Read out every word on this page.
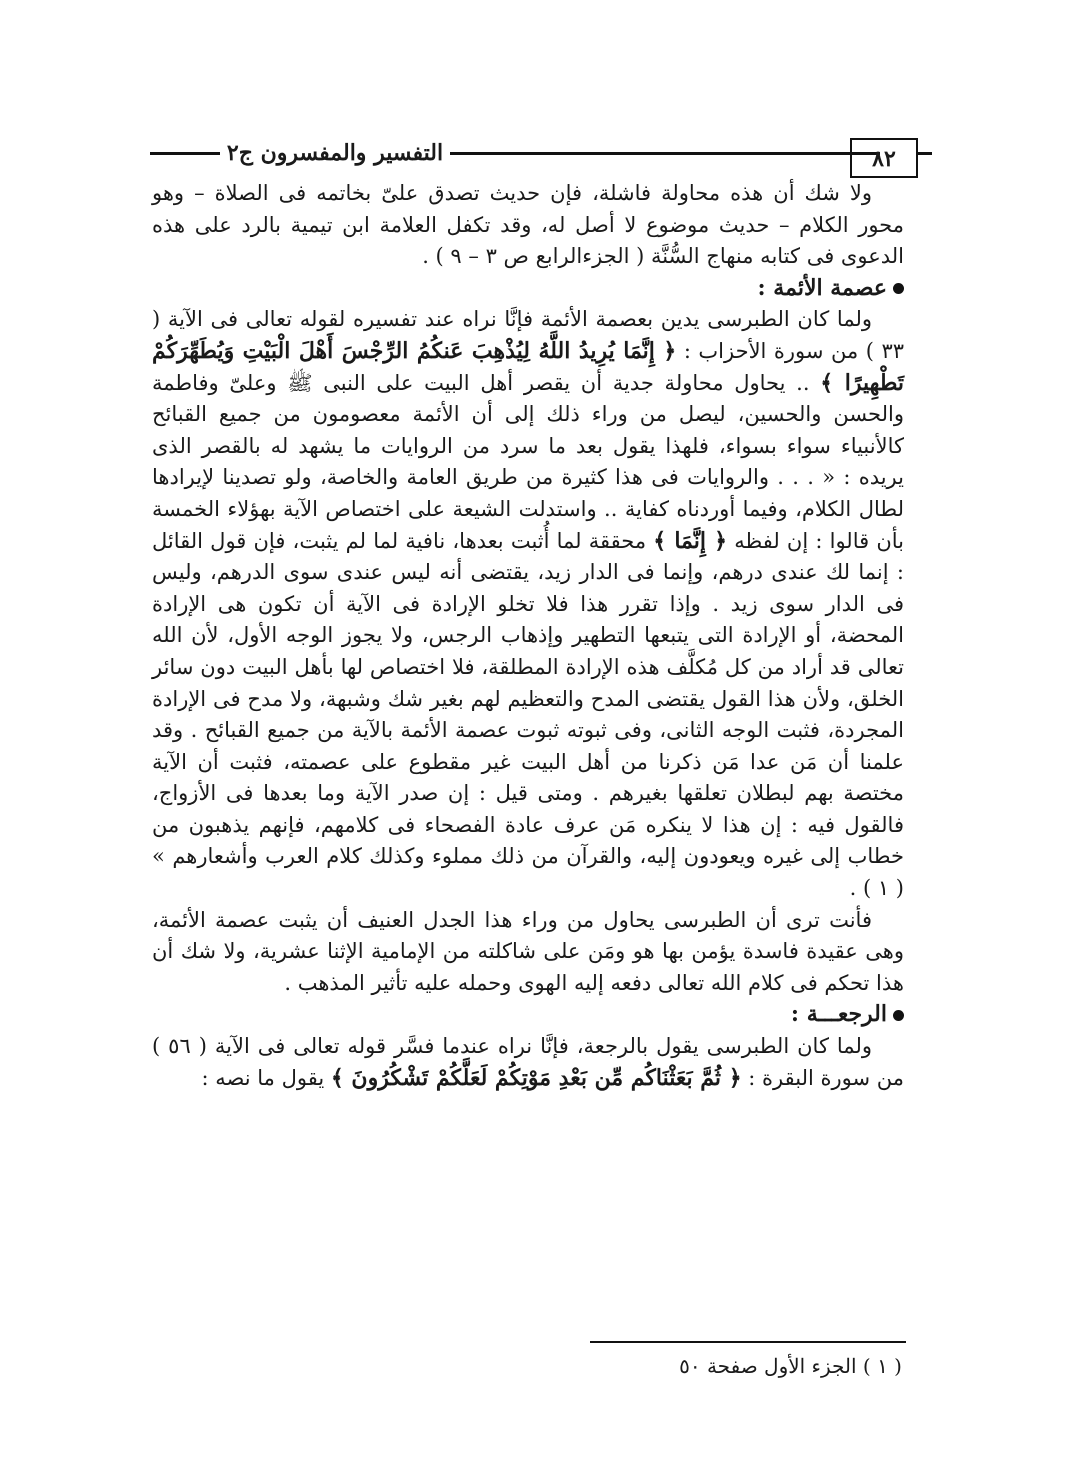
التفسير والمفسرون ج٢	٨٢

ولا شك أن هذه محاولة فاشلة، فإن حديث تصدق علىّ بخاتمه فى الصلاة – وهو محور الكلام – حديث موضوع لا أصل له، وقد تكفل العلامة ابن تيمية بالرد على هذه الدعوى فى كتابه منهاج السُّنَّة ( الجزءالرابع ص ٣ – ٩ ) .

عصمة الأئمة :

ولما كان الطبرسى يدين بعصمة الأئمة فإنَّا نراه عند تفسيره لقوله تعالى فى الآية ( ٣٣ ) من سورة الأحزاب : ﴿ إِنَّمَا يُرِيدُ اللَّهُ لِيُذْهِبَ عَنكُمُ الرِّجْسَ أَهْلَ الْبَيْتِ وَيُطَهِّرَكُمْ تَطْهِيرًا ﴾ .. يحاول محاولة جدية أن يقصر أهل البيت على النبى ﷺ وعلىّ وفاطمة والحسن والحسين، ليصل من وراء ذلك إلى أن الأئمة معصومون من جميع القبائح كالأنبياء سواء بسواء، فلهذا يقول بعد ما سرد من الروايات ما يشهد له بالقصر الذى يريده : « . . . والروايات فى هذا كثيرة من طريق العامة والخاصة، ولو تصدينا لإيرادها لطال الكلام، وفيما أوردناه كفاية .. واستدلت الشيعة على اختصاص الآية بهؤلاء الخمسة بأن قالوا : إن لفظه ﴿ إِنَّمَا ﴾ محققة لما أُثبت بعدها، نافية لما لم يثبت، فإن قول القائل : إنما لك عندى درهم، وإنما فى الدار زيد، يقتضى أنه ليس عندى سوى الدرهم، وليس فى الدار سوى زيد . وإذا تقرر هذا فلا تخلو الإرادة فى الآية أن تكون هى الإرادة المحضة، أو الإرادة التى يتبعها التطهير وإذهاب الرجس، ولا يجوز الوجه الأول، لأن الله تعالى قد أراد من كل مُكلَّف هذه الإرادة المطلقة، فلا اختصاص لها بأهل البيت دون سائر الخلق، ولأن هذا القول يقتضى المدح والتعظيم لهم بغير شك وشبهة، ولا مدح فى الإرادة المجردة، فثبت الوجه الثانى، وفى ثبوته ثبوت عصمة الأئمة بالآية من جميع القبائح . وقد علمنا أن مَن عدا مَن ذكرنا من أهل البيت غير مقطوع على عصمته، فثبت أن الآية مختصة بهم لبطلان تعلقها بغيرهم . ومتى قيل : إن صدر الآية وما بعدها فى الأزواج، فالقول فيه : إن هذا لا ينكره مَن عرف عادة الفصحاء فى كلامهم، فإنهم يذهبون من خطاب إلى غيره ويعودون إليه، والقرآن من ذلك مملوء وكذلك كلام العرب وأشعارهم » ( ١ ) .

فأنت ترى أن الطبرسى يحاول من وراء هذا الجدل العنيف أن يثبت عصمة الأئمة، وهى عقيدة فاسدة يؤمن بها هو ومَن على شاكلته من الإمامية الإثنا عشرية، ولا شك أن هذا تحكم فى كلام الله تعالى دفعه إليه الهوى وحمله عليه تأثير المذهب .

الرجعـــة :

ولما كان الطبرسى يقول بالرجعة، فإنَّا نراه عندما فسَّر قوله تعالى فى الآية ( ٥٦ ) من سورة البقرة : ﴿ ثُمَّ بَعَثْنَاكُم مِّن بَعْدِ مَوْتِكُمْ لَعَلَّكُمْ تَشْكُرُونَ ﴾ يقول ما نصه :

( ١ ) الجزء الأول صفحة ٥٠
